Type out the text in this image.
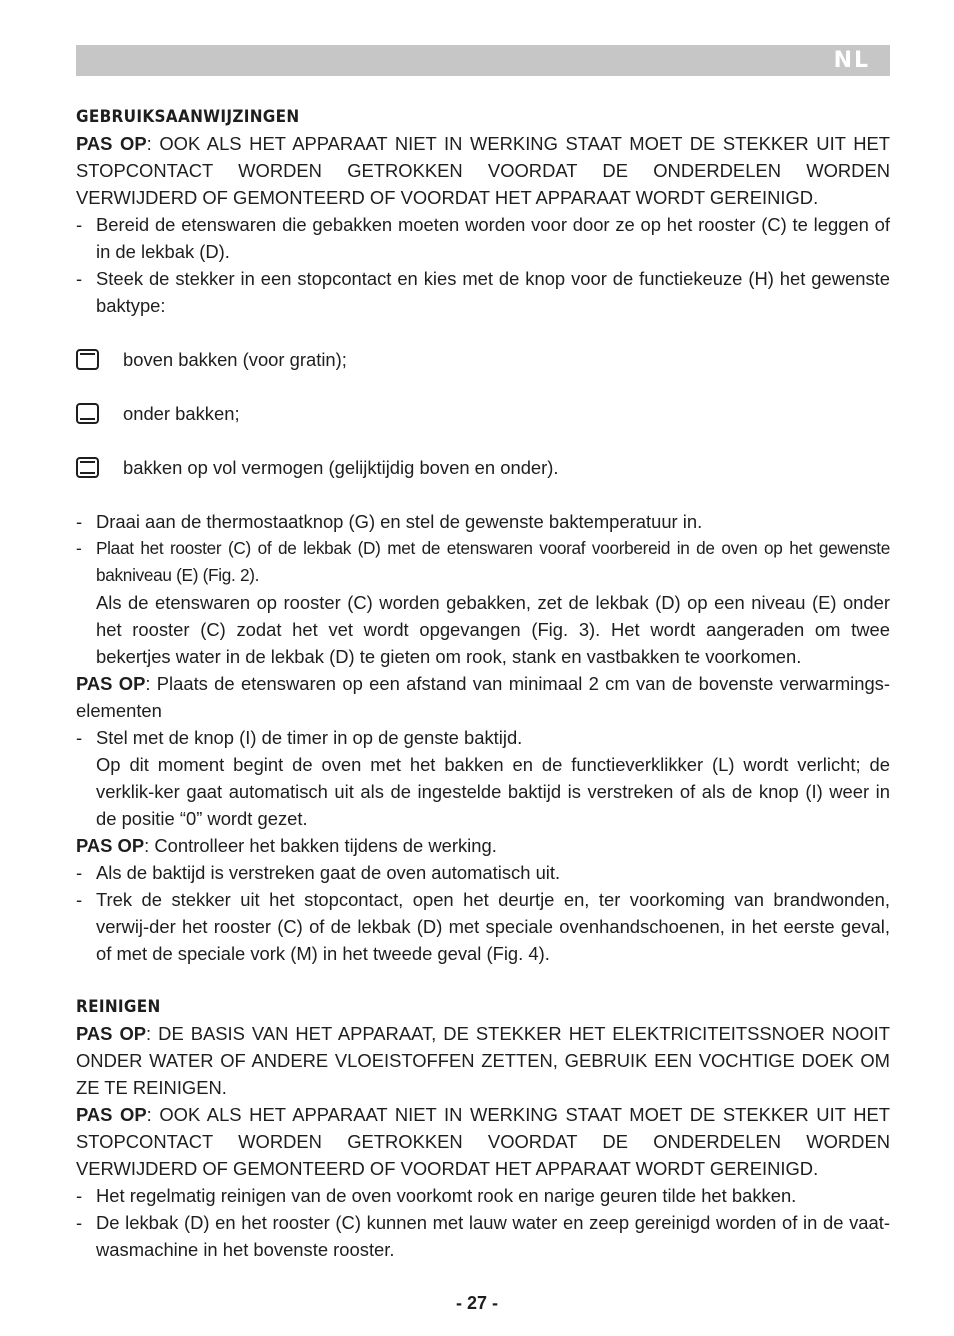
NL
GEBRUIKSAANWIJZINGEN

PAS OP: OOK ALS HET APPARAAT NIET IN WERKING STAAT MOET DE STEKKER UIT HET STOPCONTACT WORDEN GETROKKEN VOORDAT DE ONDERDELEN WORDEN VERWIJDERD OF GEMONTEERD OF VOORDAT HET APPARAAT WORDT GEREINIGD.

- Bereid de etenswaren die gebakken moeten worden voor door ze op het rooster (C) te leggen of in de lekbak (D).
- Steek de stekker in een stopcontact en kies met de knop voor de functiekeuze (H) het gewenste baktype:
boven bakken (voor gratin);
onder bakken;
bakken op vol vermogen (gelijktijdig boven en onder).
- Draai aan de thermostaatknop (G) en stel de gewenste baktemperatuur in.
- Plaat het rooster (C) of de lekbak (D) met de etenswaren vooraf voorbereid in de oven op het gewenste bakniveau (E) (Fig. 2).

Als de etenswaren op rooster (C) worden gebakken, zet de lekbak (D) op een niveau (E) onder het rooster (C) zodat het vet wordt opgevangen (Fig. 3). Het wordt aangeraden om twee bekertjes water in de lekbak (D) te gieten om rook, stank en vastbakken te voorkomen.

PAS OP: Plaats de etenswaren op een afstand van minimaal 2 cm van de bovenste verwarmings-elementen

- Stel met de knop (I) de timer in op de genste baktijd.

Op dit moment begint de oven met het bakken en de functieverklikker (L) wordt verlicht; de verklik-ker gaat automatisch uit als de ingestelde baktijd is verstreken of als de knop (I) weer in de positie “0” wordt gezet.

PAS OP: Controlleer het bakken tijdens de werking.

- Als de baktijd is verstreken gaat de oven automatisch uit.
- Trek de stekker uit het stopcontact, open het deurtje en, ter voorkoming van brandwonden, verwij-der het rooster (C) of de lekbak (D) met speciale ovenhandschoenen, in het eerste geval, of met de speciale vork (M) in het tweede geval (Fig. 4).
REINIGEN

PAS OP: DE BASIS VAN HET APPARAAT, DE STEKKER HET ELEKTRICITEITSSNOER NOOIT ONDER WATER OF ANDERE VLOEISTOFFEN ZETTEN, GEBRUIK EEN VOCHTIGE DOEK OM ZE TE REINIGEN.

PAS OP: OOK ALS HET APPARAAT NIET IN WERKING STAAT MOET DE STEKKER UIT HET STOPCONTACT WORDEN GETROKKEN VOORDAT DE ONDERDELEN WORDEN VERWIJDERD OF GEMONTEERD OF VOORDAT HET APPARAAT WORDT GEREINIGD.

- Het regelmatig reinigen van de oven voorkomt rook en narige geuren tilde het bakken.
- De lekbak (D) en het rooster (C) kunnen met lauw water en zeep gereinigd worden of in de vaat-wasmachine in het bovenste rooster.
- 27 -
